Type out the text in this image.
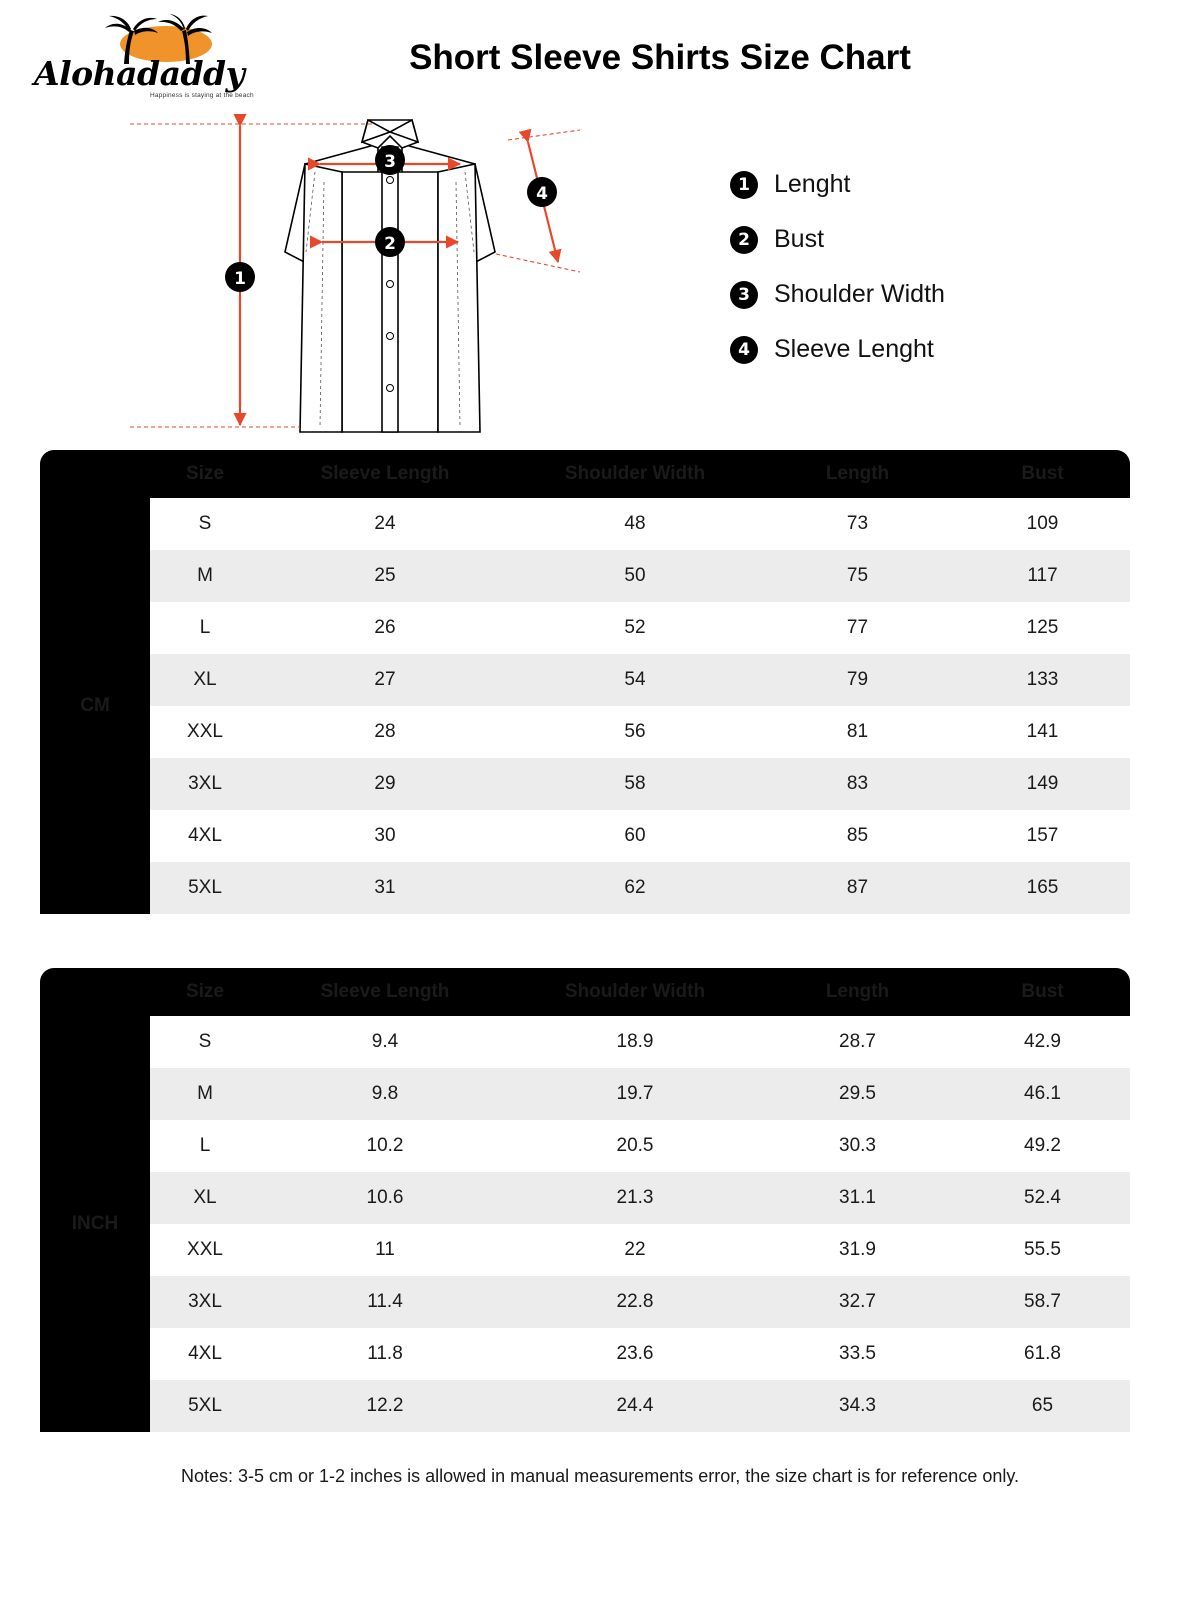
Alohadaddy
Happiness is staying at the beach
Short Sleeve Shirts Size Chart
1
2
3
4	1 Lenght
2 Bust
3 Shoulder Width
4 Sleeve Lenght
	Size	Sleeve Length	Shoulder Width	Length	Bust
CM	S	24	48	73	109
	M	25	50	75	117
	L	26	52	77	125
	XL	27	54	79	133
	XXL	28	56	81	141
	3XL	29	58	83	149
	4XL	30	60	85	157
	5XL	31	62	87	165
	Size	Sleeve Length	Shoulder Width	Length	Bust
INCH	S	9.4	18.9	28.7	42.9
	M	9.8	19.7	29.5	46.1
	L	10.2	20.5	30.3	49.2
	XL	10.6	21.3	31.1	52.4
	XXL	11	22	31.9	55.5
	3XL	11.4	22.8	32.7	58.7
	4XL	11.8	23.6	33.5	61.8
	5XL	12.2	24.4	34.3	65
Notes: 3-5 cm or 1-2 inches is allowed in manual measurements error, the size chart is for reference only.
